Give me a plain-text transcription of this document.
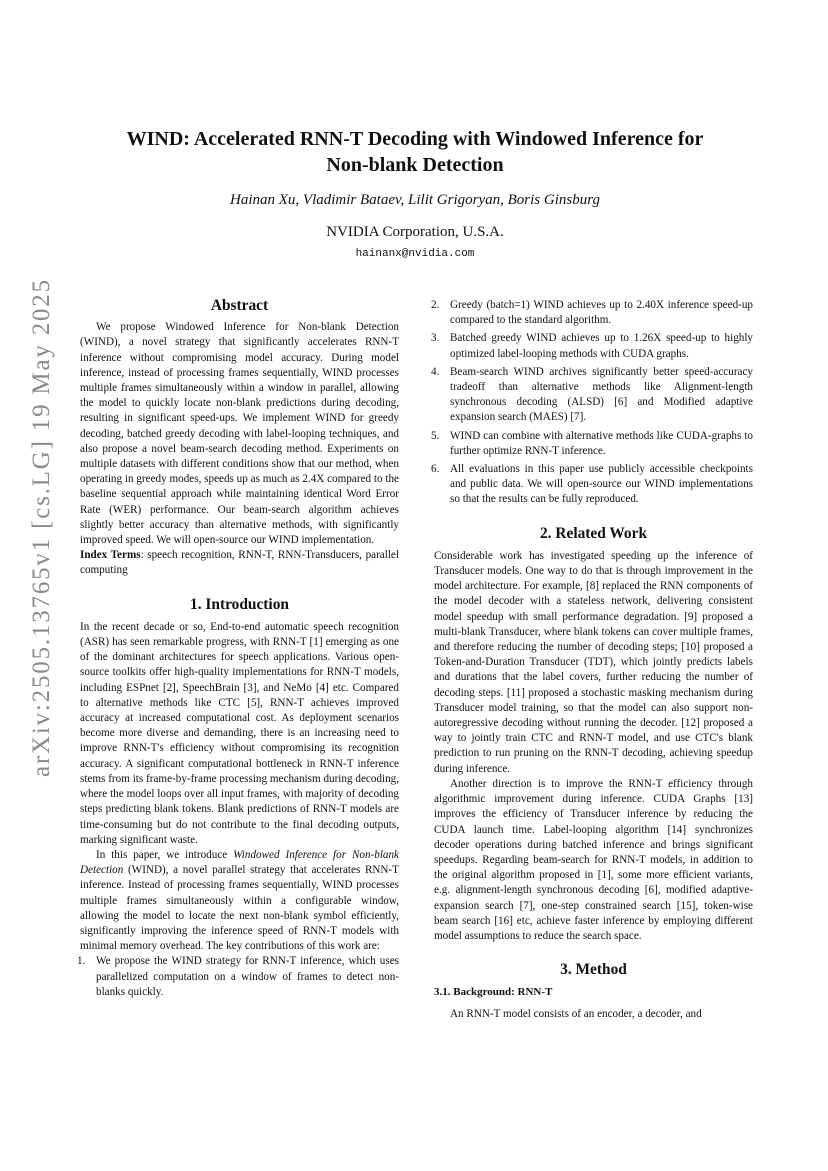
arXiv:2505.13765v1 [cs.LG] 19 May 2025
WIND: Accelerated RNN-T Decoding with Windowed Inference for
Non-blank Detection
Hainan Xu, Vladimir Bataev, Lilit Grigoryan, Boris Ginsburg
NVIDIA Corporation, U.S.A.
hainanx@nvidia.com
Abstract

We propose Windowed Inference for Non-blank Detection (WIND), a novel strategy that significantly accelerates RNN-T inference without compromising model accuracy. During model inference, instead of processing frames sequentially, WIND processes multiple frames simultaneously within a window in parallel, allowing the model to quickly locate non-blank predictions during decoding, resulting in significant speed-ups. We implement WIND for greedy decoding, batched greedy decoding with label-looping techniques, and also propose a novel beam-search decoding method. Experiments on multiple datasets with different conditions show that our method, when operating in greedy modes, speeds up as much as 2.4X compared to the baseline sequential approach while maintaining identical Word Error Rate (WER) performance. Our beam-search algorithm achieves slightly better accuracy than alternative methods, with significantly improved speed. We will open-source our WIND implementation.

Index Terms: speech recognition, RNN-T, RNN-Transducers, parallel computing

1. Introduction

In the recent decade or so, End-to-end automatic speech recognition (ASR) has seen remarkable progress, with RNN-T [1] emerging as one of the dominant architectures for speech applications. Various open-source toolkits offer high-quality implementations for RNN-T models, including ESPnet [2], SpeechBrain [3], and NeMo [4] etc. Compared to alternative methods like CTC [5], RNN-T achieves improved accuracy at increased computational cost. As deployment scenarios become more diverse and demanding, there is an increasing need to improve RNN-T's efficiency without compromising its recognition accuracy. A significant computational bottleneck in RNN-T inference stems from its frame-by-frame processing mechanism during decoding, where the model loops over all input frames, with majority of decoding steps predicting blank tokens. Blank predictions of RNN-T models are time-consuming but do not contribute to the final decoding outputs, marking significant waste.

In this paper, we introduce Windowed Inference for Non-blank Detection (WIND), a novel parallel strategy that accelerates RNN-T inference. Instead of processing frames sequentially, WIND processes multiple frames simultaneously within a configurable window, allowing the model to locate the next non-blank symbol efficiently, significantly improving the inference speed of RNN-T models with minimal memory overhead. The key contributions of this work are:

1. We propose the WIND strategy for RNN-T inference, which uses parallelized computation on a window of frames to detect non-blanks quickly.
2. Greedy (batch=1) WIND achieves up to 2.40X inference speed-up compared to the standard algorithm.
3. Batched greedy WIND achieves up to 1.26X speed-up to highly optimized label-looping methods with CUDA graphs.
4. Beam-search WIND archives significantly better speed-accuracy tradeoff than alternative methods like Alignment-length synchronous decoding (ALSD) [6] and Modified adaptive expansion search (MAES) [7].
5. WIND can combine with alternative methods like CUDA-graphs to further optimize RNN-T inference.
6. All evaluations in this paper use publicly accessible checkpoints and public data. We will open-source our WIND implementations so that the results can be fully reproduced.
2. Related Work

Considerable work has investigated speeding up the inference of Transducer models. One way to do that is through improvement in the model architecture. For example, [8] replaced the RNN components of the model decoder with a stateless network, delivering consistent model speedup with small performance degradation. [9] proposed a multi-blank Transducer, where blank tokens can cover multiple frames, and therefore reducing the number of decoding steps; [10] proposed a Token-and-Duration Transducer (TDT), which jointly predicts labels and durations that the label covers, further reducing the number of decoding steps. [11] proposed a stochastic masking mechanism during Transducer model training, so that the model can also support non-autoregressive decoding without running the decoder. [12] proposed a way to jointly train CTC and RNN-T model, and use CTC's blank prediction to run pruning on the RNN-T decoding, achieving speedup during inference.

Another direction is to improve the RNN-T efficiency through algorithmic improvement during inference. CUDA Graphs [13] improves the efficiency of Transducer inference by reducing the CUDA launch time. Label-looping algorithm [14] synchronizes decoder operations during batched inference and brings significant speedups. Regarding beam-search for RNN-T models, in addition to the original algorithm proposed in [1], some more efficient variants, e.g. alignment-length synchronous decoding [6], modified adaptive-expansion search [7], one-step constrained search [15], token-wise beam search [16] etc, achieve faster inference by employing different model assumptions to reduce the search space.

3. Method
3.1. Background: RNN-T

An RNN-T model consists of an encoder, a decoder, and
